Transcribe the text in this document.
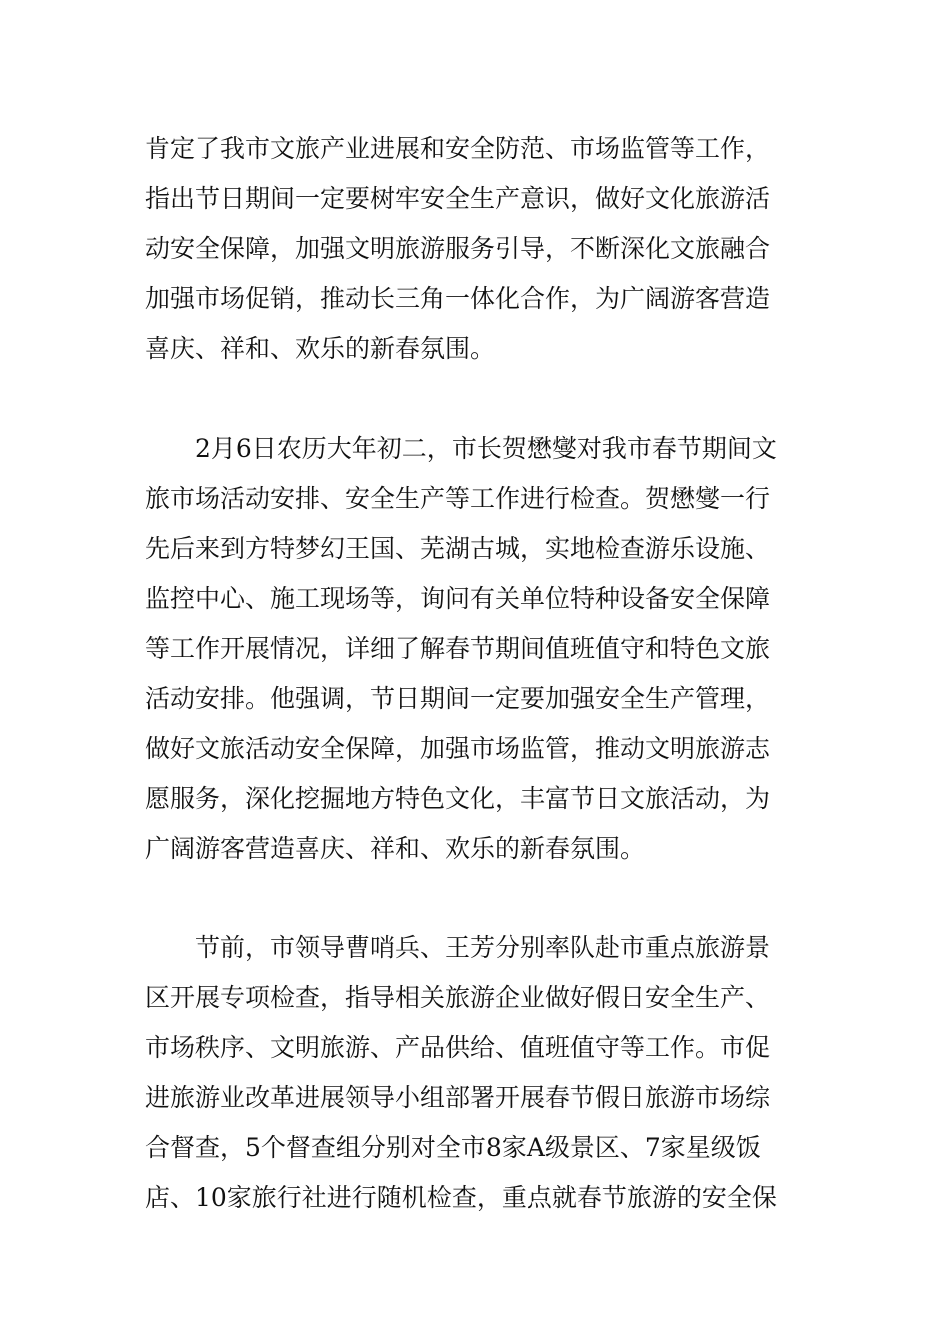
肯定了我市文旅产业进展和安全防范、市场监管等工作，
指出节日期间一定要树牢安全生产意识，做好文化旅游活
动安全保障，加强文明旅游服务引导，不断深化文旅融合
加强市场促销，推动长三角一体化合作，为广阔游客营造
喜庆、祥和、欢乐的新春氛围。

　　2月6日农历大年初二，市长贺懋燮对我市春节期间文
旅市场活动安排、安全生产等工作进行检查。贺懋燮一行
先后来到方特梦幻王国、芜湖古城，实地检查游乐设施、
监控中心、施工现场等，询问有关单位特种设备安全保障
等工作开展情况，详细了解春节期间值班值守和特色文旅
活动安排。他强调，节日期间一定要加强安全生产管理，
做好文旅活动安全保障，加强市场监管，推动文明旅游志
愿服务，深化挖掘地方特色文化，丰富节日文旅活动，为
广阔游客营造喜庆、祥和、欢乐的新春氛围。

　　节前，市领导曹哨兵、王芳分别率队赴市重点旅游景
区开展专项检查，指导相关旅游企业做好假日安全生产、
市场秩序、文明旅游、产品供给、值班值守等工作。市促
进旅游业改革进展领导小组部署开展春节假日旅游市场综
合督查，5个督查组分别对全市8家A级景区、7家星级饭
店、10家旅行社进行随机检查，重点就春节旅游的安全保
